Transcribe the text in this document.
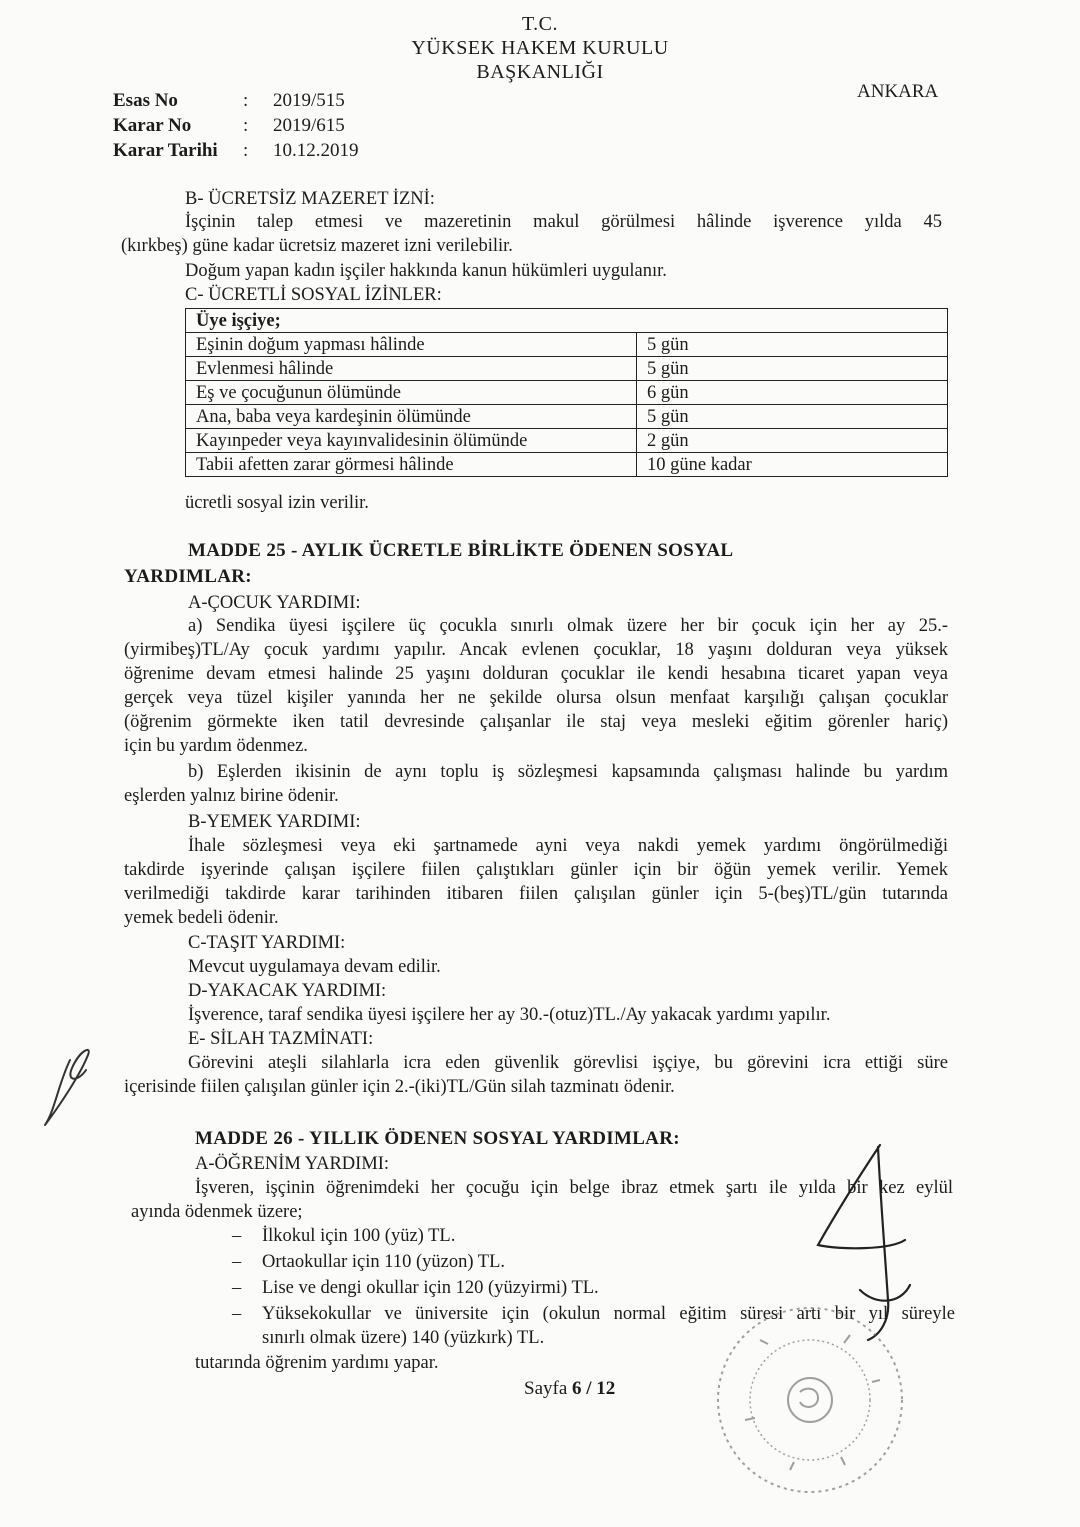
T.C.
YÜKSEK HAKEM KURULU
BAŞKANLIĞI
ANKARA
Esas No	:	2019/515
Karar No	:	2019/615
Karar Tarihi	:	10.12.2019
B- ÜCRETSİZ MAZERET İZNİ:
İşçinin talep etmesi ve mazeretinin makul görülmesi hâlinde işverence yılda 45
(kırkbeş) güne kadar ücretsiz mazeret izni verilebilir.
Doğum yapan kadın işçiler hakkında kanun hükümleri uygulanır.
C- ÜCRETLİ SOSYAL İZİNLER:
Üye işçiye;	
Eşinin doğum yapması hâlinde	5 gün
Evlenmesi hâlinde	5 gün
Eş ve çocuğunun ölümünde	6 gün
Ana, baba veya kardeşinin ölümünde	5 gün
Kayınpeder veya kayınvalidesinin ölümünde	2 gün
Tabii afetten zarar görmesi hâlinde	10 güne kadar
ücretli sosyal izin verilir.
MADDE 25 - AYLIK ÜCRETLE BİRLİKTE ÖDENEN SOSYAL
YARDIMLAR:
A-ÇOCUK YARDIMI:
a) Sendika üyesi işçilere üç çocukla sınırlı olmak üzere her bir çocuk için her ay 25.-
(yirmibeş)TL/Ay çocuk yardımı yapılır. Ancak evlenen çocuklar, 18 yaşını dolduran veya yüksek
öğrenime devam etmesi halinde 25 yaşını dolduran çocuklar ile kendi hesabına ticaret yapan veya
gerçek veya tüzel kişiler yanında her ne şekilde olursa olsun menfaat karşılığı çalışan çocuklar
(öğrenim görmekte iken tatil devresinde çalışanlar ile staj veya mesleki eğitim görenler hariç)
için bu yardım ödenmez.
b) Eşlerden ikisinin de aynı toplu iş sözleşmesi kapsamında çalışması halinde bu yardım
eşlerden yalnız birine ödenir.
B-YEMEK YARDIMI:
İhale sözleşmesi veya eki şartnamede ayni veya nakdi yemek yardımı öngörülmediği
takdirde işyerinde çalışan işçilere fiilen çalıştıkları günler için bir öğün yemek verilir. Yemek
verilmediği takdirde karar tarihinden itibaren fiilen çalışılan günler için 5-(beş)TL/gün tutarında
yemek bedeli ödenir.
C-TAŞIT YARDIMI:
Mevcut uygulamaya devam edilir.
D-YAKACAK YARDIMI:
İşverence, taraf sendika üyesi işçilere her ay 30.-(otuz)TL./Ay yakacak yardımı yapılır.
E- SİLAH TAZMİNATI:
Görevini ateşli silahlarla icra eden güvenlik görevlisi işçiye, bu görevini icra ettiği süre
içerisinde fiilen çalışılan günler için 2.-(iki)TL/Gün silah tazminatı ödenir.
MADDE 26 - YILLIK ÖDENEN SOSYAL YARDIMLAR:
A-ÖĞRENİM YARDIMI:
İşveren, işçinin öğrenimdeki her çocuğu için belge ibraz etmek şartı ile yılda bir kez eylül
ayında ödenmek üzere;
– İlkokul için 100 (yüz) TL.
– Ortaokullar için 110 (yüzon) TL.
– Lise ve dengi okullar için 120 (yüzyirmi) TL.
– Yüksekokullar ve üniversite için (okulun normal eğitim süresi artı bir yıl süreyle
sınırlı olmak üzere) 140 (yüzkırk) TL.
tutarında öğrenim yardımı yapar.
Sayfa 6 / 12
